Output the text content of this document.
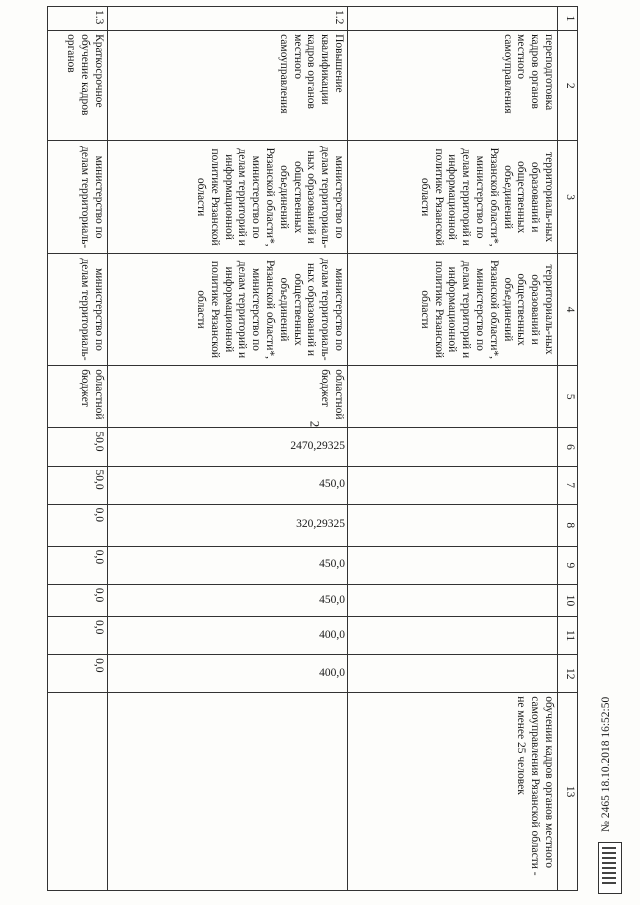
2
1	2	3	4	5	6	7	8	9	10	11	12	13
	переподготовка кадров органов местного самоуправления	территориаль-ных образований и общественных объединений Рязанской области*, министерство по делам территорий и информационной политике Рязанской области	территориаль-ных образований и общественных объединений Рязанской области*, министерство по делам территорий и информационной политике Рязанской области									обучении кадров органов местного самоуправления Рязанской области - не менее 25 человек
1.2	Повышение квалификации кадров органов местного самоуправления	министерство по делам территориаль-ных образований и общественных объединений Рязанской области*, министерство по делам территорий и информационной политике Рязанской области	министерство по делам территориаль-ных образований и общественных объединений Рязанской области*, министерство по делам территорий и информационной политике Рязанской области	областной бюджет	2470,29325	450,0	320,29325	450,0	450,0	400,0	400,0	
1.3	Краткосрочное обучение кадров органов	министерство по делам территориаль-	министерство по делам территориаль-	областной бюджет	50,0	50,0	0,0	0,0	0,0	0,0	0,0	
№ 2465 18.10.2018 16:52:50
